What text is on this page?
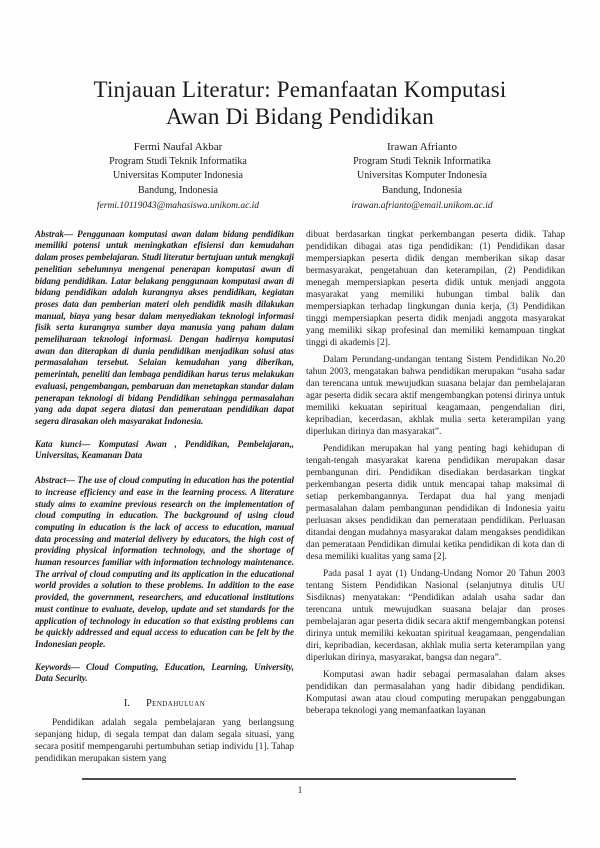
Tinjauan Literatur: Pemanfaatan Komputasi Awan Di Bidang Pendidikan
Fermi Naufal Akbar
Program Studi Teknik Informatika
Universitas Komputer Indonesia
Bandung, Indonesia
fermi.10119043@mahasiswa.unikom.ac.id
Irawan Afrianto
Program Studi Teknik Informatika
Universitas Komputer Indonesia
Bandung, Indonesia
irawan.afrianto@email.unikom.ac.id

Abstrak— Penggunaan komputasi awan dalam bidang pendidikan memiliki potensi untuk meningkatkan efisiensi dan kemudahan dalam proses pembelajaran. Studi literatur bertujuan untuk mengkaji penelitian sebelumnya mengenai penerapan komputasi awan di bidang pendidikan. Latar belakang penggunaan komputasi awan di bidang pendidikan adalah kurangnya akses pendidikan, kegiatan proses data dan pemberian materi oleh pendidik masih dilakukan manual, biaya yang besar dalam menyediakan teknologi informasi fisik serta kurangnya sumber daya manusia yang paham dalam pemeliharaan teknologi informasi. Dengan hadirnya komputasi awan dan diterapkan di dunia pendidikan menjadikan solusi atas permasalahan tersebut. Selaian kemudahan yang diberikan, pemerintah, peneliti dan lembaga pendidikan harus terus melakukan evaluasi, pengembangan, pembaruan dan menetapkan standar dalam penerapan teknologi di bidang Pendidikan sehingga permasalahan yang ada dapat segera diatasi dan pemerataan pendidikan dapat segera dirasakan oleh masyarakat Indonesia.

Kata kunci— Komputasi Awan , Pendidikan, Pembelajaran,, Universitas, Keamanan Data

Abstract— The use of cloud computing in education has the potential to increase efficiency and ease in the learning process. A literature study aims to examine previous research on the implementation of cloud computing in education. The background of using cloud computing in education is the lack of access to education, manual data processing and material delivery by educators, the high cost of providing physical information technology, and the shortage of human resources familiar with information technology maintenance. The arrival of cloud computing and its application in the educational world provides a solution to these problems. In addition to the ease provided, the government, researchers, and educational institutions must continue to evaluate, develop, update and set standards for the application of technology in education so that existing problems can be quickly addressed and equal access to education can be felt by the Indonesian people.

Keywords— Cloud Computing, Education, Learning, University, Data Security.

I. Pendahuluan

Pendidikan adalah segala pembelajaran yang berlangsung sepanjang hidup, di segala tempat dan dalam segala situasi, yang secara positif mempengaruhi pertumbuhan setiap individu [1]. Tahap pendidikan merupakan sistem yang

dibuat berdasarkan tingkat perkembangan peserta didik. Tahap pendidikan dibagai atas tiga pendidikan: (1) Pendidikan dasar mempersiapkan peserta didik dengan memberikan sikap dasar bermasyarakat, pengetahuan dan keterampilan, (2) Pendidikan menegah mempersiapkan peserta didik untuk menjadi anggota masyarakat yang memiliki hubungan timbal balik dan mempersiapkan terhadap lingkungan dunia kerja, (3) Pendidikan tinggi mempersiapkan peserta didik menjadi anggota masyarakat yang memiliki sikap profesinal dan memiliki kemampuan tingkat tinggi di akademis [2].

Dalam Perundang-undangan tentang Sistem Pendidikan No.20 tahun 2003, mengatakan bahwa pendidikan merupakan “usaha sadar dan terencana untuk mewujudkan suasana belajar dan pembelajaran agar peserta didik secara aktif mengembangkan potensi dirinya untuk memiliki kekuatan sepiritual keagamaan, pengendalian diri, kepribadian, kecerdasan, akhlak mulia serta keterampilan yang diperlukan dirinya dan masyarakat”.

Pendidikan merupakan hal yang penting bagi kehidupan di tengah-tengah masyarakat karena pendidikan merupakan dasar pembangunan diri. Pendidikan disediakan berdasarkan tingkat perkembangan peserta didik untuk mencapai tahap maksimal di setiap perkembangannya. Terdapat dua hal yang menjadi permasalahan dalam pembangunan pendidikan di Indonesia yaitu perluasan akses pendidikan dan pemerataan pendidikan. Perluasan ditandai dengan mudahnya masyarakat dalam mengakses pendidikan dan pemerataan Pendidikan dimulai ketika pendidikan di kota dan di desa memiliki kualitas yang sama [2].

Pada pasal 1 ayat (1) Undang-Undang Nomor 20 Tahun 2003 tentang Sistem Pendidikan Nasional (selanjutnya ditulis UU Sisdiknas) menyatakan: “Pendidikan adalah usaha sadar dan terencana untuk mewujudkan suasana belajar dan proses pembelajaran agar peserta didik secara aktif mengembangkan potensi dirinya untuk memiliki kekuatan spiritual keagamaan, pengendalian diri, kepribadian, kecerdasan, akhlak mulia serta keterampilan yang diperlukan dirinya, masyarakat, bangsa dan negara”.

Komputasi awan hadir sebagai permasalahan dalam akses pendidikan dan permasalahan yang hadir dibidang pendidikan. Komputasi awan atau cloud computing merupakan penggabungan beberapa teknologi yang memanfaatkan layanan

1
